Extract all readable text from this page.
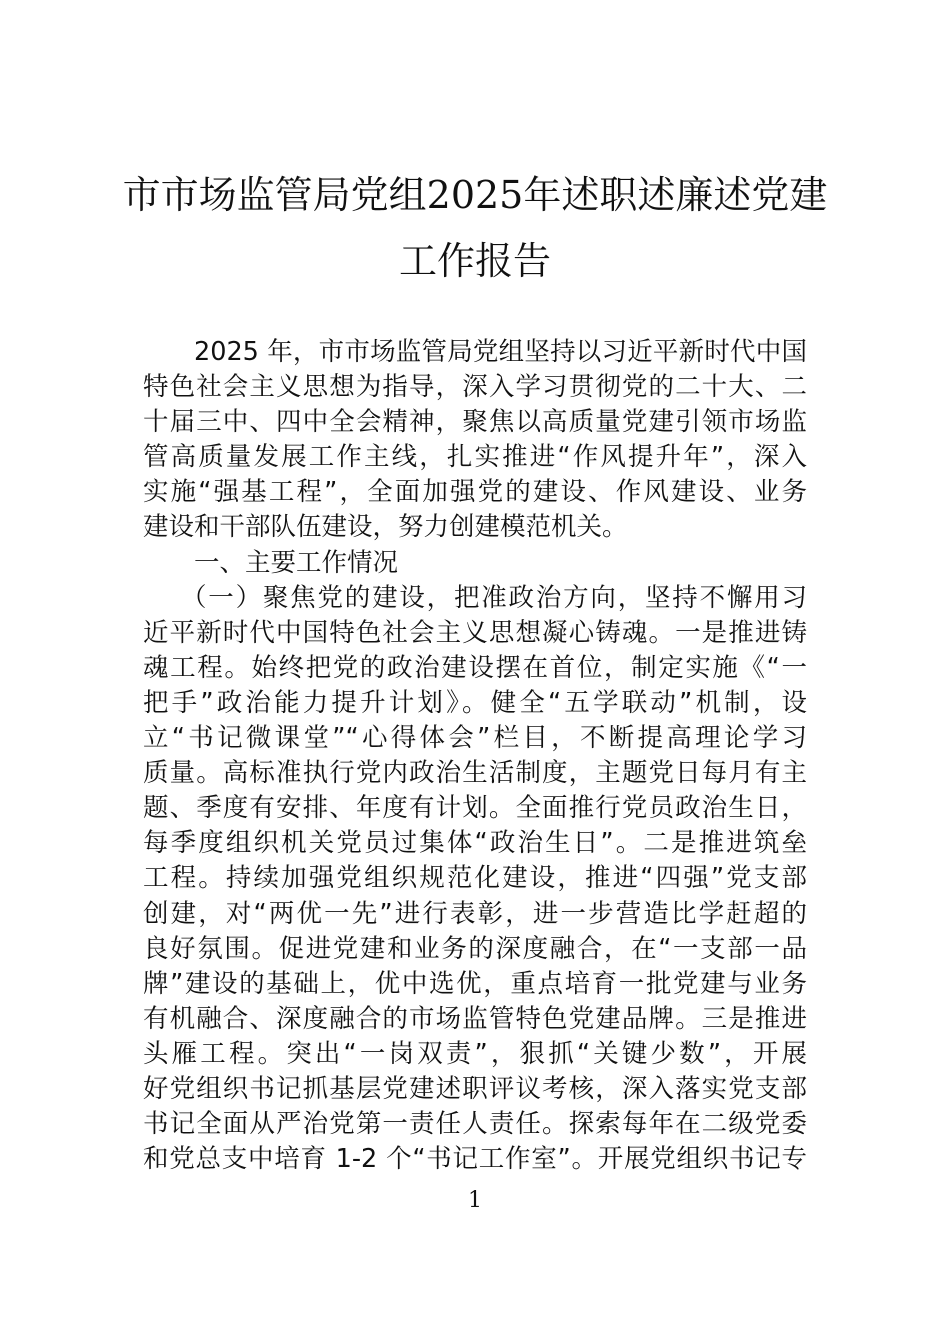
市市场监管局党组2025年述职述廉述党建
工作报告
2025 年，市市场监管局党组坚持以习近平新时代中国
特色社会主义思想为指导，深入学习贯彻党的二十大、二
十届三中、四中全会精神，聚焦以高质量党建引领市场监
管高质量发展工作主线，扎实推进“作风提升年”，深入
实施“强基工程”，全面加强党的建设、作风建设、业务
建设和干部队伍建设，努力创建模范机关。
一、主要工作情况
（一）聚焦党的建设，把准政治方向，坚持不懈用习
近平新时代中国特色社会主义思想凝心铸魂。一是推进铸
魂工程。始终把党的政治建设摆在首位，制定实施《“一
把手”政治能力提升计划》。健全“五学联动”机制，设
立“书记微课堂”“心得体会”栏目，不断提高理论学习
质量。高标准执行党内政治生活制度，主题党日每月有主
题、季度有安排、年度有计划。全面推行党员政治生日，
每季度组织机关党员过集体“政治生日”。二是推进筑垒
工程。持续加强党组织规范化建设，推进“四强”党支部
创建，对“两优一先”进行表彰，进一步营造比学赶超的
良好氛围。促进党建和业务的深度融合，在“一支部一品
牌”建设的基础上，优中选优，重点培育一批党建与业务
有机融合、深度融合的市场监管特色党建品牌。三是推进
头雁工程。突出“一岗双责”，狠抓“关键少数”，开展
好党组织书记抓基层党建述职评议考核，深入落实党支部
书记全面从严治党第一责任人责任。探索每年在二级党委
和党总支中培育 1-2 个“书记工作室”。开展党组织书记专
1
